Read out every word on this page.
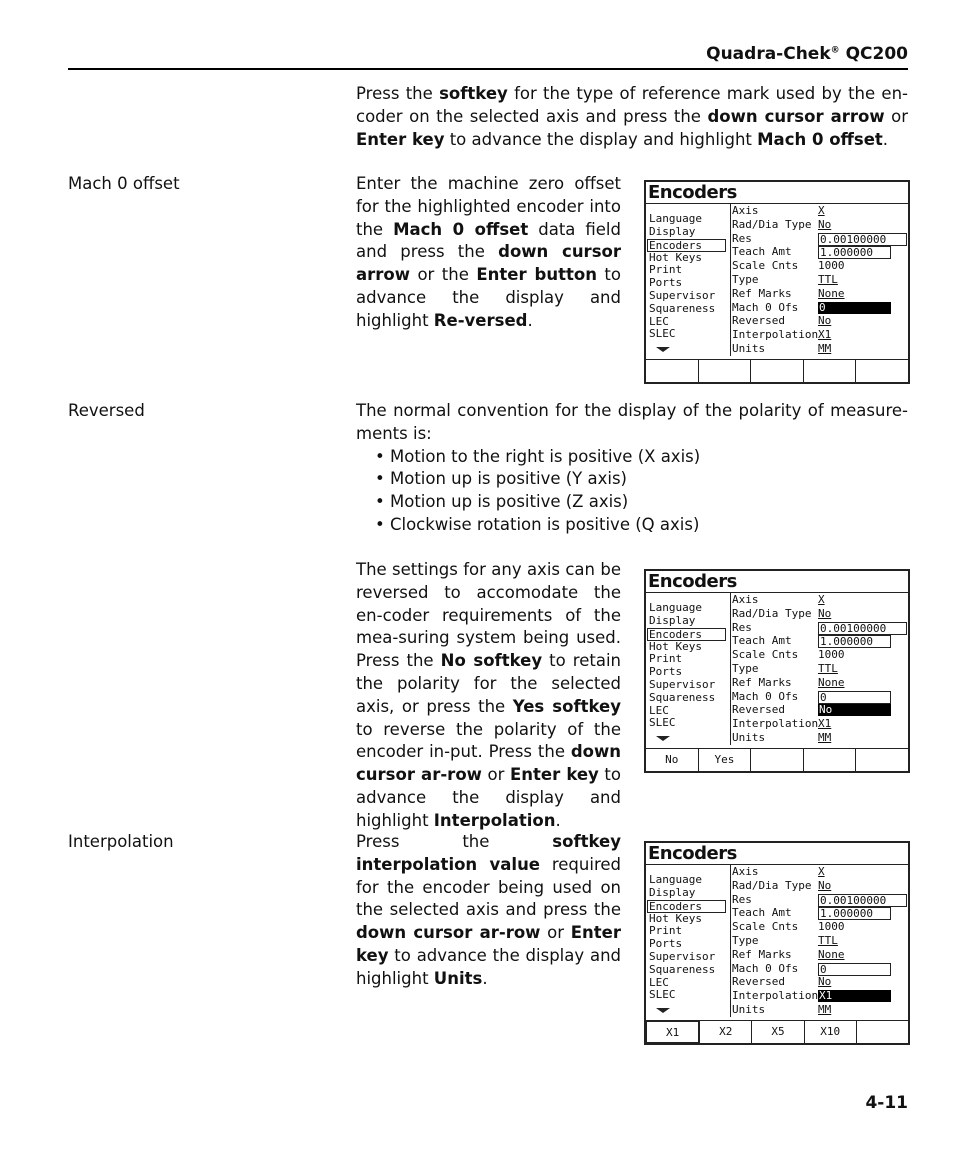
Quadra-Chek® QC200
Press the softkey for the type of reference mark used by the en-coder on the selected axis and press the down cursor arrow or Enter key to advance the display and highlight Mach 0 offset.
Mach 0 offset	Enter the machine zero offset for the highlighted encoder into the Mach 0 offset data field and press the down cursor arrow or the Enter button to advance the display and highlight Re-versed.
Encoders
Language
Display
Encoders
Hot Keys
Print
Ports
Supervisor
Squareness
LEC
SLEC
Axis	X
Rad/Dia Type No
Res	0.00100000
Teach Amt	1.000000
Scale Cnts 1000
Type	TTL
Ref Marks None
Mach 0 Ofs 0
Reversed	No
Interpolation X1
Units	MM
Reversed	The normal convention for the display of the polarity of measure-ments is:
• Motion to the right is positive (X axis)
• Motion up is positive (Y axis)
• Motion up is positive (Z axis)
• Clockwise rotation is positive (Q axis)
The settings for any axis can be reversed to accomodate the en-coder requirements of the mea-suring system being used. Press the No softkey to retain the polarity for the selected axis, or press the Yes softkey to reverse the polarity of the encoder in-put. Press the down cursor ar-row or Enter key to advance the display and highlight Interpolation.
Encoders
Language
Display
Encoders
Hot Keys
Print
Ports
Supervisor
Squareness
LEC
SLEC
Axis	X
Rad/Dia Type No
Res	0.00100000
Teach Amt	1.000000
Scale Cnts 1000
Type	TTL
Ref Marks None
Mach 0 Ofs 0
Reversed	No
Interpolation X1
Units	MM
No	Yes
Interpolation	Press the softkey interpolation value required for the encoder being used on the selected axis and press the down cursor ar-row or Enter key to advance the display and highlight Units.
Encoders
Language
Display
Encoders
Hot Keys
Print
Ports
Supervisor
Squareness
LEC
SLEC
Axis	X
Rad/Dia Type No
Res	0.00100000
Teach Amt	1.000000
Scale Cnts 1000
Type	TTL
Ref Marks None
Mach 0 Ofs 0
Reversed	No
Interpolation X1
Units	MM
X1	X2	X5	X10
4-11
